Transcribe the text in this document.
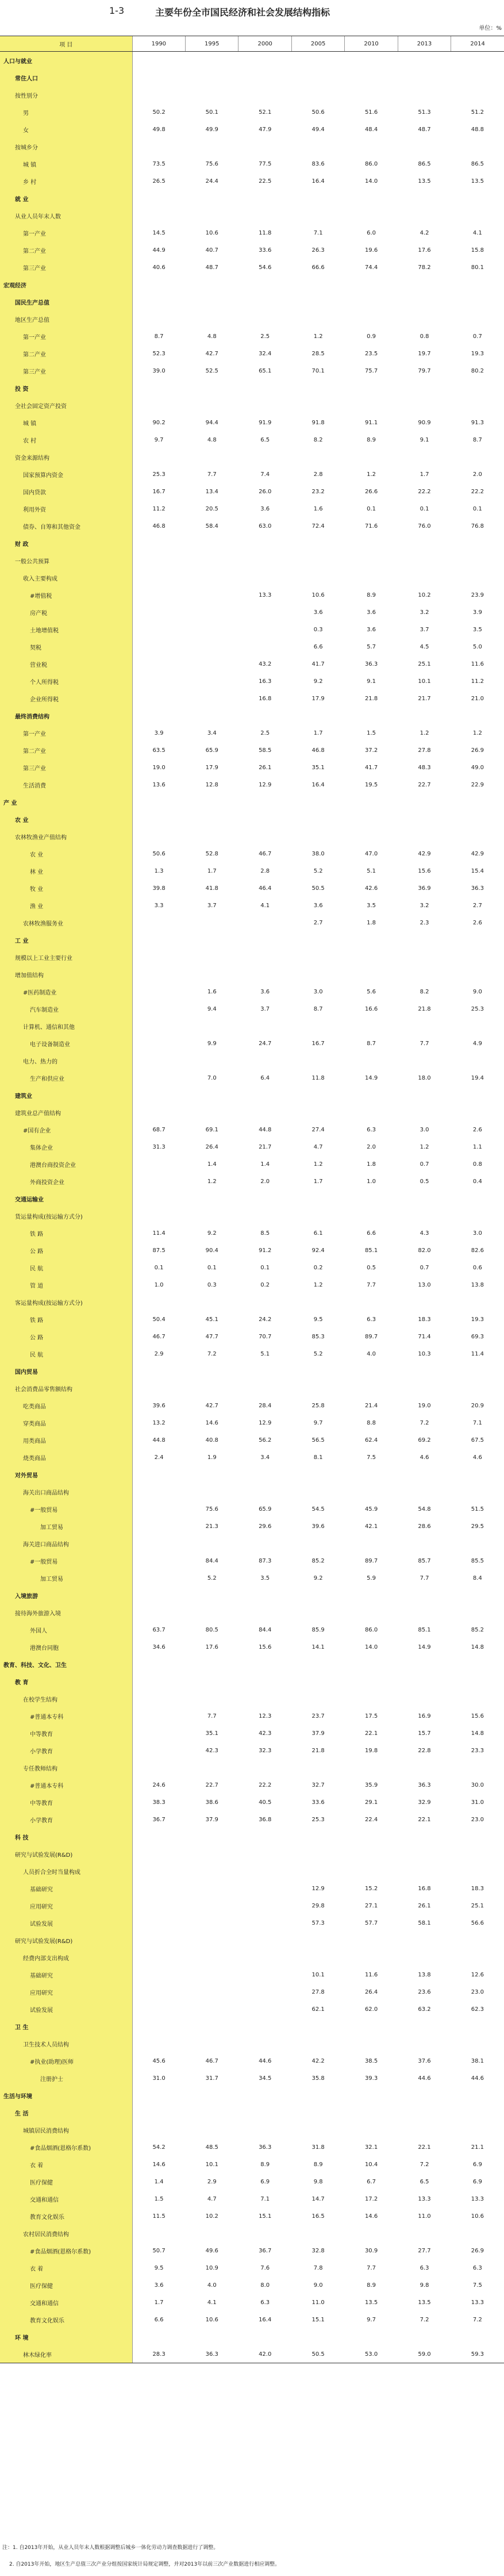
1-3	主要年份全市国民经济和社会发展结构指标
单位：%
项 目	1990	1995	2000	2005	2010	2013	2014
人口与就业							
常住人口							
按性别分							
男	50.2	50.1	52.1	50.6	51.6	51.3	51.2
女	49.8	49.9	47.9	49.4	48.4	48.7	48.8
按城乡分							
城 镇	73.5	75.6	77.5	83.6	86.0	86.5	86.5
乡 村	26.5	24.4	22.5	16.4	14.0	13.5	13.5
就 业							
从业人员年末人数							
第一产业	14.5	10.6	11.8	7.1	6.0	4.2	4.1
第二产业	44.9	40.7	33.6	26.3	19.6	17.6	15.8
第三产业	40.6	48.7	54.6	66.6	74.4	78.2	80.1
宏观经济							
国民生产总值							
地区生产总值							
第一产业	8.7	4.8	2.5	1.2	0.9	0.8	0.7
第二产业	52.3	42.7	32.4	28.5	23.5	19.7	19.3
第三产业	39.0	52.5	65.1	70.1	75.7	79.7	80.2
投 资							
全社会固定资产投资							
城 镇	90.2	94.4	91.9	91.8	91.1	90.9	91.3
农 村	9.7	4.8	6.5	8.2	8.9	9.1	8.7
资金来源结构							
国家预算内资金	25.3	7.7	7.4	2.8	1.2	1.7	2.0
国内贷款	16.7	13.4	26.0	23.2	26.6	22.2	22.2
利用外资	11.2	20.5	3.6	1.6	0.1	0.1	0.1
债券、自筹和其他资金	46.8	58.4	63.0	72.4	71.6	76.0	76.8
财 政							
一般公共预算							
收入主要构成							
#增值税			13.3	10.6	8.9	10.2	23.9
房产税				3.6	3.6	3.2	3.9
土地增值税				0.3	3.6	3.7	3.5
契税				6.6	5.7	4.5	5.0
营业税			43.2	41.7	36.3	25.1	11.6
个人所得税			16.3	9.2	9.1	10.1	11.2
企业所得税			16.8	17.9	21.8	21.7	21.0
最终消费结构							
第一产业	3.9	3.4	2.5	1.7	1.5	1.2	1.2
第二产业	63.5	65.9	58.5	46.8	37.2	27.8	26.9
第三产业	19.0	17.9	26.1	35.1	41.7	48.3	49.0
生活消费	13.6	12.8	12.9	16.4	19.5	22.7	22.9
产 业							
农 业							
农林牧渔业产值结构							
农 业	50.6	52.8	46.7	38.0	47.0	42.9	42.9
林 业	1.3	1.7	2.8	5.2	5.1	15.6	15.4
牧 业	39.8	41.8	46.4	50.5	42.6	36.9	36.3
渔 业	3.3	3.7	4.1	3.6	3.5	3.2	2.7
农林牧渔服务业				2.7	1.8	2.3	2.6
工 业							
规模以上工业主要行业							
增加值结构							
#医药制造业		1.6	3.6	3.0	5.6	8.2	9.0
汽车制造业		9.4	3.7	8.7	16.6	21.8	25.3
计算机、通信和其他							
电子设备制造业		9.9	24.7	16.7	8.7	7.7	4.9
电力、热力的							
生产和供应业		7.0	6.4	11.8	14.9	18.0	19.4
建筑业							
建筑业总产值结构							
#国有企业	68.7	69.1	44.8	27.4	6.3	3.0	2.6
集体企业	31.3	26.4	21.7	4.7	2.0	1.2	1.1
港澳台商投资企业		1.4	1.4	1.2	1.8	0.7	0.8
外商投资企业		1.2	2.0	1.7	1.0	0.5	0.4
交通运输业							
货运量构成(按运输方式分)							
铁 路	11.4	9.2	8.5	6.1	6.6	4.3	3.0
公 路	87.5	90.4	91.2	92.4	85.1	82.0	82.6
民 航	0.1	0.1	0.1	0.2	0.5	0.7	0.6
管 道	1.0	0.3	0.2	1.2	7.7	13.0	13.8
客运量构成(按运输方式分)							
铁 路	50.4	45.1	24.2	9.5	6.3	18.3	19.3
公 路	46.7	47.7	70.7	85.3	89.7	71.4	69.3
民 航	2.9	7.2	5.1	5.2	4.0	10.3	11.4
国内贸易							
社会消费品零售额结构							
吃类商品	39.6	42.7	28.4	25.8	21.4	19.0	20.9
穿类商品	13.2	14.6	12.9	9.7	8.8	7.2	7.1
用类商品	44.8	40.8	56.2	56.5	62.4	69.2	67.5
烧类商品	2.4	1.9	3.4	8.1	7.5	4.6	4.6
对外贸易							
海关出口商品结构							
#一般贸易		75.6	65.9	54.5	45.9	54.8	51.5
加工贸易		21.3	29.6	39.6	42.1	28.6	29.5
海关进口商品结构							
#一般贸易		84.4	87.3	85.2	89.7	85.7	85.5
加工贸易		5.2	3.5	9.2	5.9	7.7	8.4
入境旅游							
接待海外旅游入境							
外国人	63.7	80.5	84.4	85.9	86.0	85.1	85.2
港澳台同胞	34.6	17.6	15.6	14.1	14.0	14.9	14.8
教育、科技、文化、卫生							
教 育							
在校学生结构							
#普通本专科		7.7	12.3	23.7	17.5	16.9	15.6
中等教育		35.1	42.3	37.9	22.1	15.7	14.8
小学教育		42.3	32.3	21.8	19.8	22.8	23.3
专任教师结构							
#普通本专科	24.6	22.7	22.2	32.7	35.9	36.3	30.0
中等教育	38.3	38.6	40.5	33.6	29.1	32.9	31.0
小学教育	36.7	37.9	36.8	25.3	22.4	22.1	23.0
科 技							
研究与试验发展(R&D)							
人员折合全时当量构成							
基础研究				12.9	15.2	16.8	18.3
应用研究				29.8	27.1	26.1	25.1
试验发展				57.3	57.7	58.1	56.6
研究与试验发展(R&D)							
经费内部支出构成							
基础研究				10.1	11.6	13.8	12.6
应用研究				27.8	26.4	23.6	23.0
试验发展				62.1	62.0	63.2	62.3
卫 生							
卫生技术人员结构							
#执业(助理)医师	45.6	46.7	44.6	42.2	38.5	37.6	38.1
注册护士	31.0	31.7	34.5	35.8	39.3	44.6	44.6
生活与环境							
生 活							
城镇居民消费结构							
#食品烟酒(恩格尔系数)	54.2	48.5	36.3	31.8	32.1	22.1	21.1
衣 着	14.6	10.1	8.9	8.9	10.4	7.2	6.9
医疗保健	1.4	2.9	6.9	9.8	6.7	6.5	6.9
交通和通信	1.5	4.7	7.1	14.7	17.2	13.3	13.3
教育文化娱乐	11.5	10.2	15.1	16.5	14.6	11.0	10.6
农村居民消费结构							
#食品烟酒(恩格尔系数)	50.7	49.6	36.7	32.8	30.9	27.7	26.9
衣 着	9.5	10.9	7.6	7.8	7.7	6.3	6.3
医疗保健	3.6	4.0	8.0	9.0	8.9	9.8	7.5
交通和通信	1.7	4.1	6.3	11.0	13.5	13.5	13.3
教育文化娱乐	6.6	10.6	16.4	15.1	9.7	7.2	7.2
环 境							
林木绿化率	28.3	36.3	42.0	50.5	53.0	59.0	59.3
注：1. 自2013年开始，从业人员年末人数根据调整后城乡一体化劳动力调查数据进行了调整。
2. 自2013年开始，地区生产总值三次产业分组按国家统计局规定调整，并对2013年以前三次产业数据进行相应调整。
